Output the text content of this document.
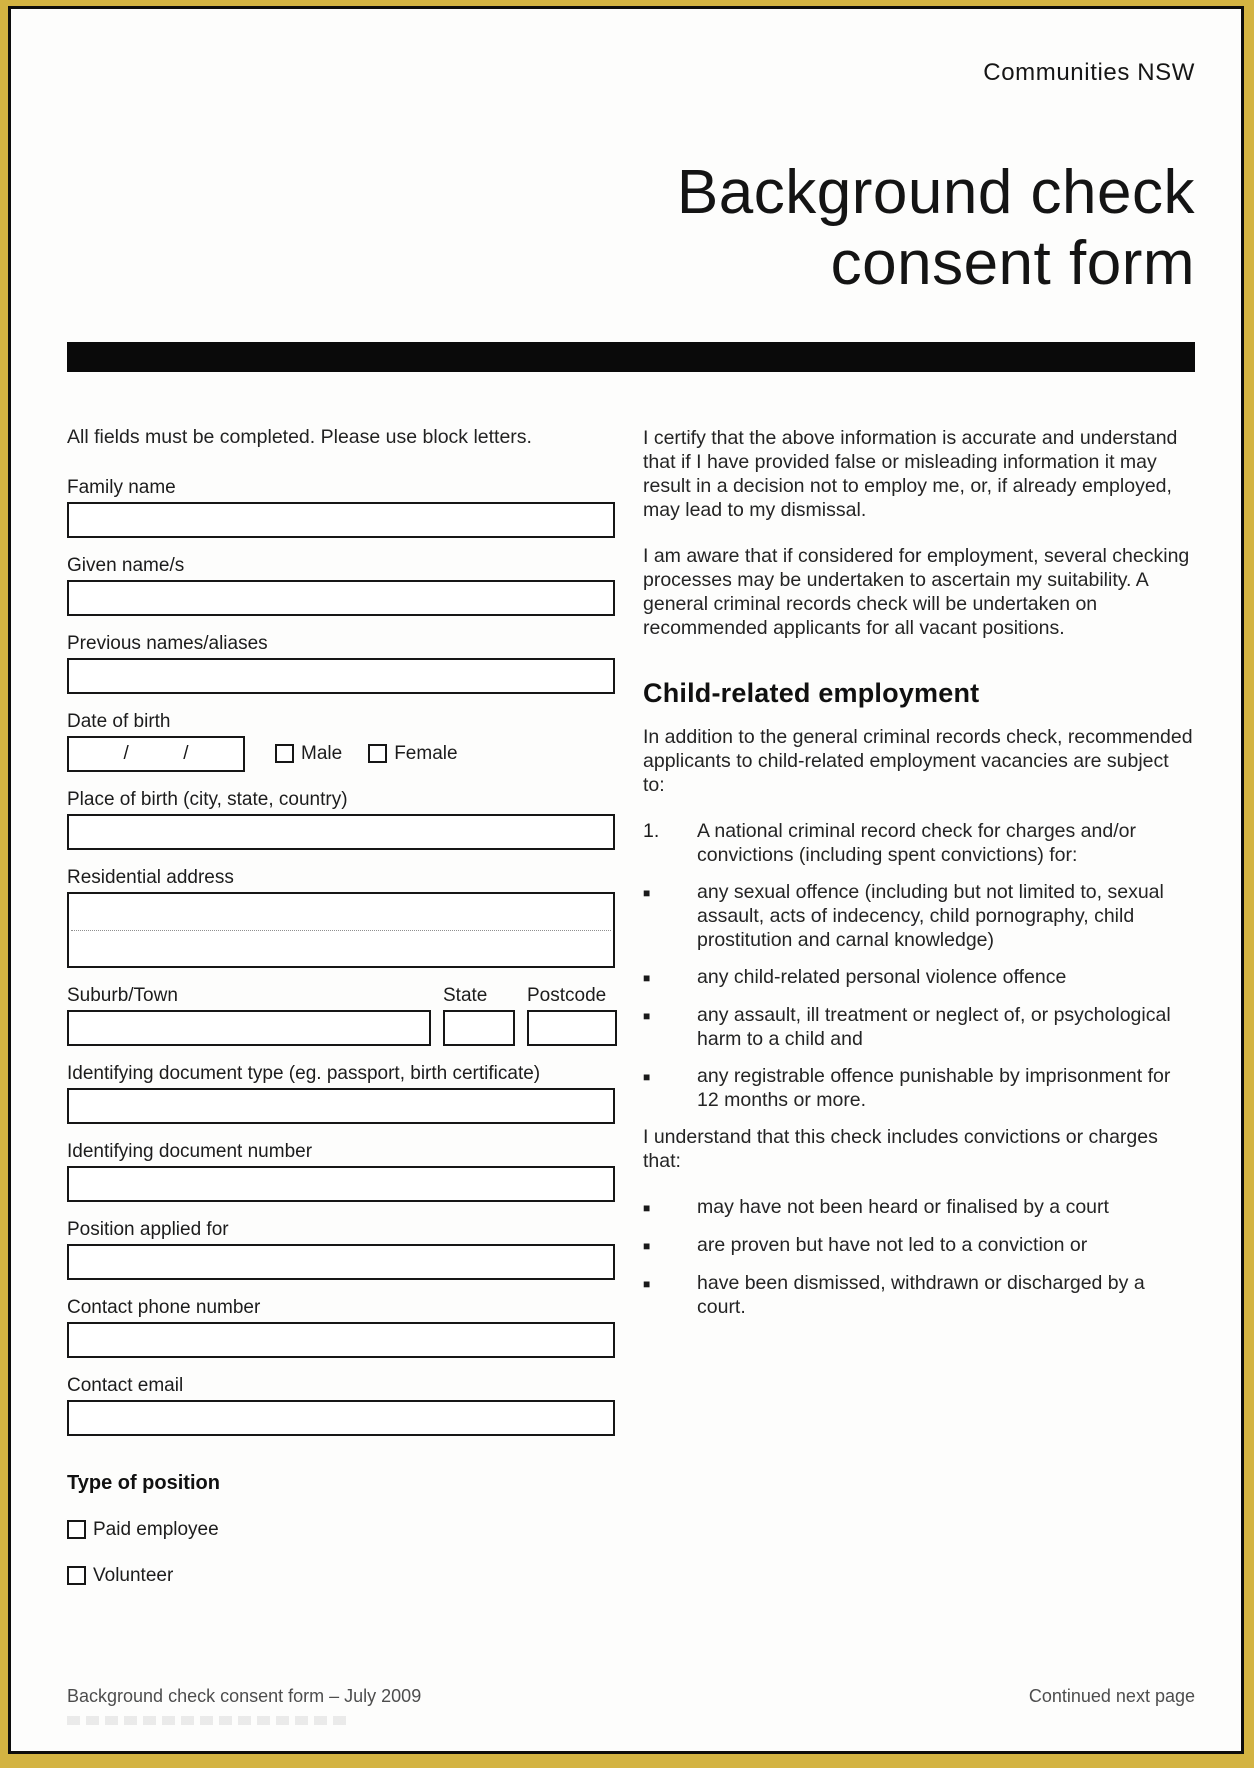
Communities NSW
Background check
consent form
All fields must be completed. Please use block letters.
Family name
Given name/s
Previous names/aliases
Date of birth
/	/	Male	Female
Place of birth (city, state, country)
Residential address
Suburb/Town	State	Postcode
Identifying document type (eg. passport, birth certificate)
Identifying document number
Position applied for
Contact phone number
Contact email
Type of position
Paid employee
Volunteer

I certify that the above information is accurate and understand that if I have provided false or misleading information it may result in a decision not to employ me, or, if already employed, may lead to my dismissal.

I am aware that if considered for employment, several checking processes may be undertaken to ascertain my suitability. A general criminal records check will be undertaken on recommended applicants for all vacant positions.

Child-related employment

In addition to the general criminal records check, recommended applicants to child-related employment vacancies are subject to:

1.	A national criminal record check for charges and/or convictions (including spent convictions) for:
■	any sexual offence (including but not limited to, sexual assault, acts of indecency, child pornography, child prostitution and carnal knowledge)
■	any child-related personal violence offence
■	any assault, ill treatment or neglect of, or psychological harm to a child and
■	any registrable offence punishable by imprisonment for 12 months or more.

I understand that this check includes convictions or charges that:

■	may have not been heard or finalised by a court
■	are proven but have not led to a conviction or
■	have been dismissed, withdrawn or discharged by a court.
Background check consent form – July 2009	Continued next page
